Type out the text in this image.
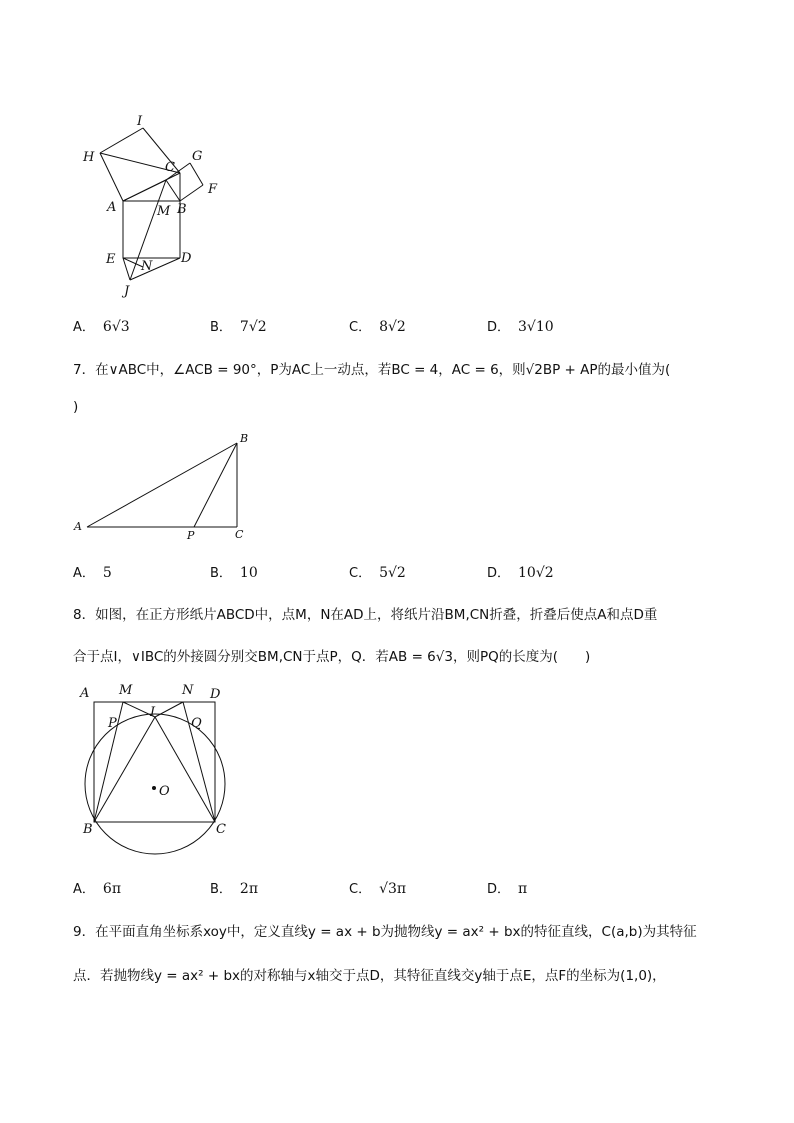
I
H
C
G
F
A	M B
E N
D
J
A． 6√3	B． 7√2	C． 8√2	D． 3√10
7．在∨ABC中，∠ACB = 90°，P为AC上一动点，若BC = 4，AC = 6，则√2BP + AP的最小值为(
)
A
B
C
P
A． 5	B． 10	C． 5√2	D． 10√2
8．如图，在正方形纸片ABCD中，点M，N在AD上，将纸片沿BM,CN折叠，折叠后使点A和点D重
合于点I，∨IBC的外接圆分别交BM,CN于点P，Q．若AB = 6√3，则PQ的长度为(　　)
A M	N D
P
I
Q
O
B	C
A． 6π	B． 2π	C． √3π	D． π
9．在平面直角坐标系xoy中，定义直线y = ax + b为抛物线y = ax² + bx的特征直线，C(a,b)为其特征
点．若抛物线y = ax² + bx的对称轴与x轴交于点D，其特征直线交y轴于点E，点F的坐标为(1,0)，
